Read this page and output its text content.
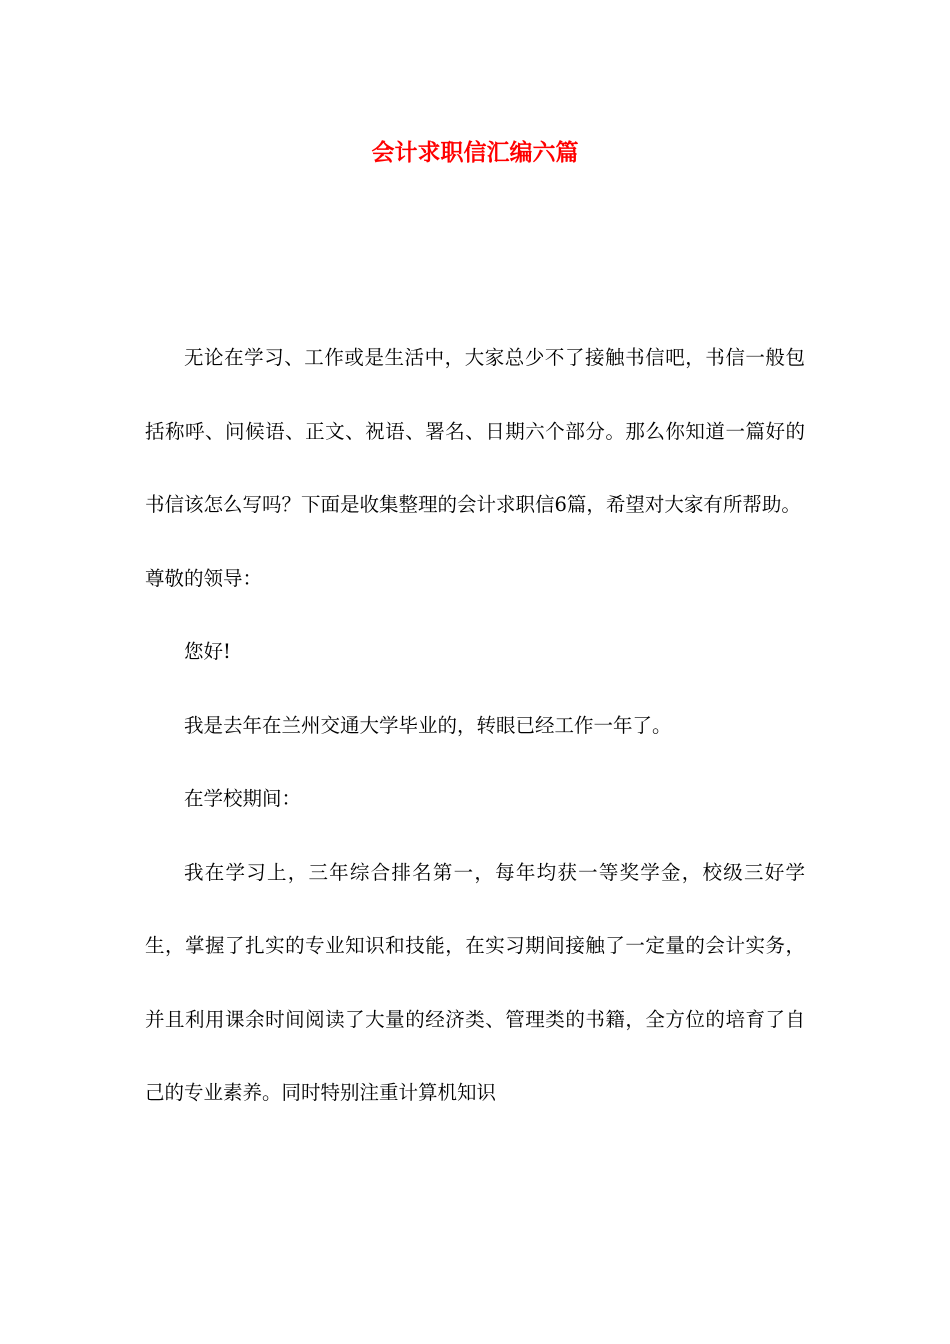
会计求职信汇编六篇

无论在学习、工作或是生活中，大家总少不了接触书信吧，书信一般包括称呼、问候语、正文、祝语、署名、日期六个部分。那么你知道一篇好的书信该怎么写吗？下面是收集整理的会计求职信6篇，希望对大家有所帮助。

尊敬的领导：

您好!

我是去年在兰州交通大学毕业的，转眼已经工作一年了。

在学校期间：

我在学习上，三年综合排名第一，每年均获一等奖学金，校级三好学生，掌握了扎实的专业知识和技能，在实习期间接触了一定量的会计实务，并且利用课余时间阅读了大量的经济类、管理类的书籍，全方位的培育了自己的专业素养。同时特别注重计算机知识
